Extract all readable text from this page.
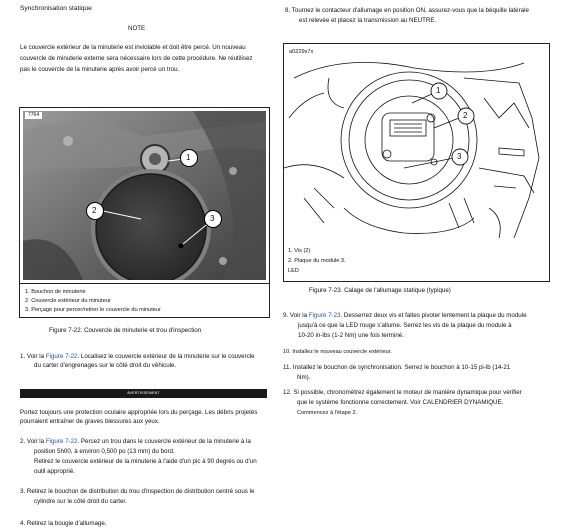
Synchronisation statique
NOTE
Le couvercle extérieur de la minuterie est inviolable et doit être percé. Un nouveau
couvercle de minuterie externe sera nécessaire lors de cette procédure. Ne réutilisez
pas le couvercle de la minuterie après avoir percé un trou.
7764
1
2
3
1. Bouchon de minuterie
2. Couvercle extérieur du minuteur
3. Perçage pour percer/retirer le couvercle du minuteur
Figure 7-22. Couvercle de minuterie et trou d'inspection
1. Voir la Figure 7-22. Localisez le couvercle extérieur de la minuterie sur le couvercle
du carter d'engrenages sur le côté droit du véhicule.
AVERTISSEMENT
Portez toujours une protection oculaire appropriée lors du perçage. Les débris projetés
pourraient entraîner de graves blessures aux yeux.
2. Voir la Figure 7-22. Percez un trou dans le couvercle extérieur de la minuterie à la
position 5h00, à environ 0,500 po (13 mm) du bord.
Retirez le couvercle extérieur de la minuterie à l'aide d'un pic à 90 degrés ou d'un
outil approprié.
3. Retirez le bouchon de distribution du trou d'inspection de distribution centré sous le
cylindre sur le côté droit du carter.
4. Retirez la bougie d'allumage.
8. Tournez le contacteur d'allumage en position ON, assurez-vous que la béquille latérale
est relevée et placez la transmission au NEUTRE.
a0229x7x
1
2
3
1. Vis (2)
2. Plaque du module 3.
LED
Figure 7-23. Calage de l'allumage statique (typique)
9. Voir la Figure 7-23. Desserrez deux vis et faites pivoter lentement la plaque du module
jusqu'à ce que la LED rouge s'allume. Serrez les vis de la plaque du module à
10-20 in-lbs (1-2 Nm) une fois terminé.
10. Installez le nouveau couvercle extérieur.
11. Installez le bouchon de synchronisation. Serrez le bouchon à 10-15 pi-lb (14-21
Nm).
12. Si possible, chronométrez également le moteur de manière dynamique pour vérifier
que le système fonctionne correctement. Voir CALENDRIER DYNAMIQUE.
Commencez à l'étape 2.
